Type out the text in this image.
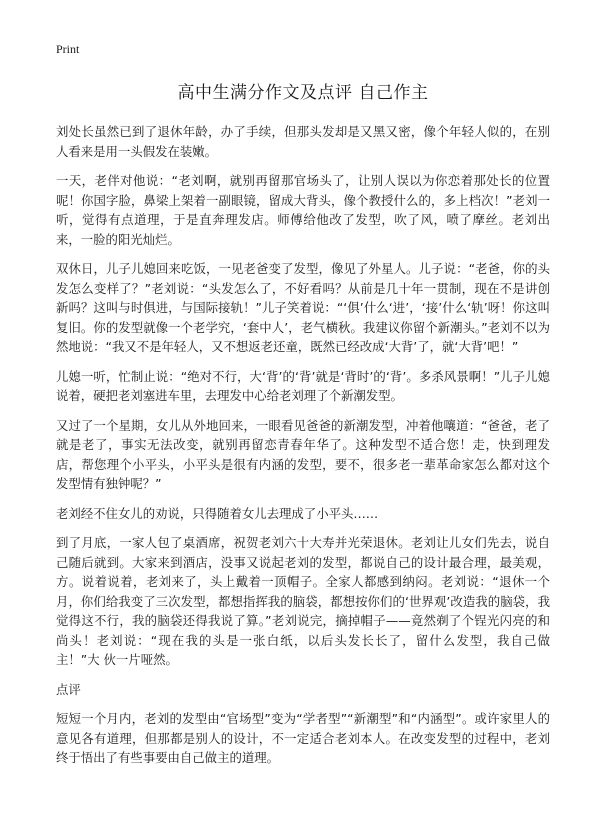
Print
高中生满分作文及点评 自己作主

刘处长虽然已到了退休年龄，办了手续，但那头发却是又黑又密，像个年轻人似的，在别人看来是用一头假发在装嫩。

一天，老伴对他说：“老刘啊，就别再留那官场头了，让别人误以为你恋着那处长的位置呢！你国字脸，鼻梁上架着一副眼镜，留成大背头，像个教授什么的，多上档次！”老刘一听，觉得有点道理，于是直奔理发店。师傅给他改了发型，吹了风，喷了摩丝。老刘出来，一脸的阳光灿烂。

双休日，儿子儿媳回来吃饭，一见老爸变了发型，像见了外星人。儿子说：“老爸，你的头发怎么变样了？”老刘说：“头发怎么了，不好看吗？从前是几十年一贯制，现在不是讲创新吗？这叫与时俱进，与国际接轨！”儿子笑着说：“‘俱’什么‘进’，‘接’什么‘轨’呀！你这叫复旧。你的发型就像一个老学究，‘套中人’，老气横秋。我建议你留个新潮头。”老刘不以为然地说：“我又不是年轻人，又不想返老还童，既然已经改成‘大背’了，就‘大背’吧！”

儿媳一听，忙制止说：“绝对不行，大‘背’的‘背’就是‘背时’的‘背’。多杀风景啊！”儿子儿媳说着，硬把老刘塞进车里，去理发中心给老刘理了个新潮发型。

又过了一个星期，女儿从外地回来，一眼看见爸爸的新潮发型，冲着他嚷道：“爸爸，老了就是老了，事实无法改变，就别再留恋青春年华了。这种发型不适合您！走，快到理发店，帮您理个小平头，小平头是很有内涵的发型，要不，很多老一辈革命家怎么都对这个发型情有独钟呢？”

老刘经不住女儿的劝说，只得随着女儿去理成了小平头……

到了月底，一家人包了桌酒席，祝贺老刘六十大寿并光荣退休。老刘让儿女们先去，说自己随后就到。大家来到酒店，没事又说起老刘的发型，都说自己的设计最合理，最美观，方。说着说着，老刘来了，头上戴着一顶帽子。全家人都感到纳闷。老刘说：“退休一个月，你们给我变了三次发型，都想指挥我的脑袋，都想按你们的‘世界观’改造我的脑袋，我觉得这不行，我的脑袋还得我说了算。”老刘说完，摘掉帽子——竟然剃了个锃光闪亮的和尚头！老刘说：“现在我的头是一张白纸，以后头发长长了，留什么发型，我自己做主！”大 伙一片哑然。

点评

短短一个月内，老刘的发型由“官场型”变为“学者型”“新潮型”和“内涵型”。或许家里人的意见各有道理，但那都是别人的设计，不一定适合老刘本人。在改变发型的过程中，老刘终于悟出了有些事要由自己做主的道理。
